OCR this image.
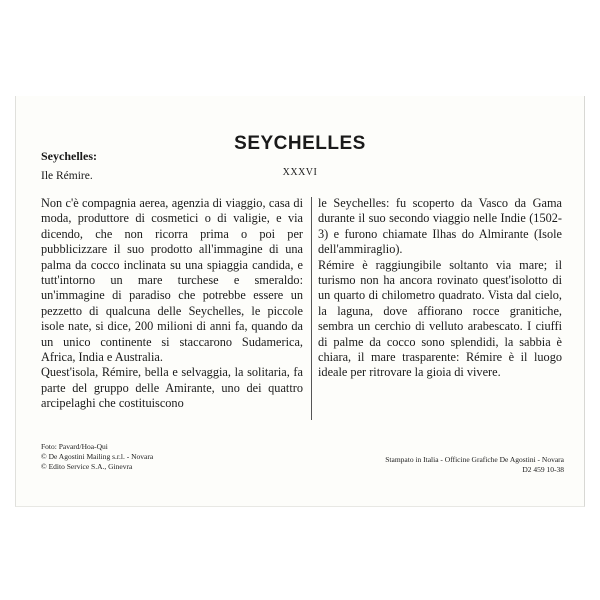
SEYCHELLES
XXXVI
Seychelles:
Ile Rémire.

Non c'è compagnia aerea, agenzia di viaggio, casa di moda, produttore di cosmetici o di valigie, e via dicendo, che non ricorra prima o poi per pubblicizzare il suo prodotto all'immagine di una palma da cocco inclinata su una spiaggia candida, e tutt'intorno un mare turchese e smeraldo: un'immagine di paradiso che potrebbe essere un pezzetto di qualcuna delle Seychelles, le piccole isole nate, si dice, 200 milioni di anni fa, quando da un unico continente si staccarono Sudamerica, Africa, India e Australia.

Quest'isola, Rémire, bella e selvaggia, la solitaria, fa parte del gruppo delle Amirante, uno dei quattro arcipelaghi che costituiscono

le Seychelles: fu scoperto da Vasco da Gama durante il suo secondo viaggio nelle Indie (1502-3) e furono chiamate Ilhas do Almirante (Isole dell'ammiraglio).

Rémire è raggiungibile soltanto via mare; il turismo non ha ancora rovinato quest'isolotto di un quarto di chilometro quadrato. Vista dal cielo, la laguna, dove affiorano rocce granitiche, sembra un cerchio di velluto arabescato. I ciuffi di palme da cocco sono splendidi, la sabbia è chiara, il mare trasparente: Rémire è il luogo ideale per ritrovare la gioia di vivere.

Foto: Pavard/Hoa-Qui
© De Agostini Mailing s.r.l. - Novara
© Edito Service S.A., Ginevra
Stampato in Italia - Officine Grafiche De Agostini - Novara
D2 459 10-38
